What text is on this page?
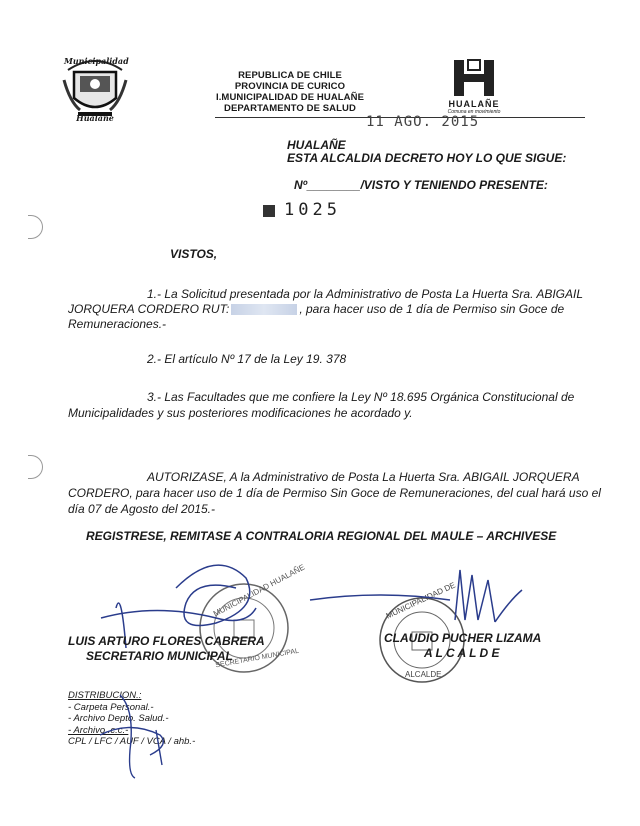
Municipalidad
Hualañe
REPUBLICA DE CHILE
PROVINCIA DE CURICO
I.MUNICIPALIDAD DE HUALAÑE
DEPARTAMENTO DE SALUD	HUALAÑE
Comuna en movimiento
11 AGO. 2015
HUALAÑE
ESTA ALCALDIA DECRETO HOY LO QUE SIGUE:
Nº________/VISTO Y TENIENDO PRESENTE:
1025
VISTOS,
1.- La Solicitud presentada por la Administrativo de Posta La Huerta Sra. ABIGAIL
JORQUERA CORDERO RUT:	, para hacer uso de 1 día de Permiso sin Goce de
Remuneraciones.-
2.- El artículo Nº 17 de la Ley 19. 378
3.- Las Facultades que me confiere la Ley Nº 18.695 Orgánica Constitucional de
Municipalidades y sus posteriores modificaciones he acordado y.
AUTORIZASE, A la Administrativo de Posta La Huerta Sra. ABIGAIL JORQUERA
CORDERO, para hacer uso de 1 día de Permiso Sin Goce de Remuneraciones, del cual hará uso el
día 07 de Agosto del 2015.-
REGISTRESE, REMITASE A CONTRALORIA REGIONAL DEL MAULE – ARCHIVESE
MUNICIPALIDAD HUALAÑE
SECRETARIO MUNICIPAL
MUNICIPALIDAD DE
ALCALDE
LUIS ARTURO FLORES CABRERA
SECRETARIO MUNICIPAL
CLAUDIO PUCHER LIZAMA
A L C A L D E
DISTRIBUCION.:
- Carpeta Personal.-
- Archivo Depto. Salud.-
- Archivo .c.c.-
CPL / LFC / AUF / VCA / ahb.-
